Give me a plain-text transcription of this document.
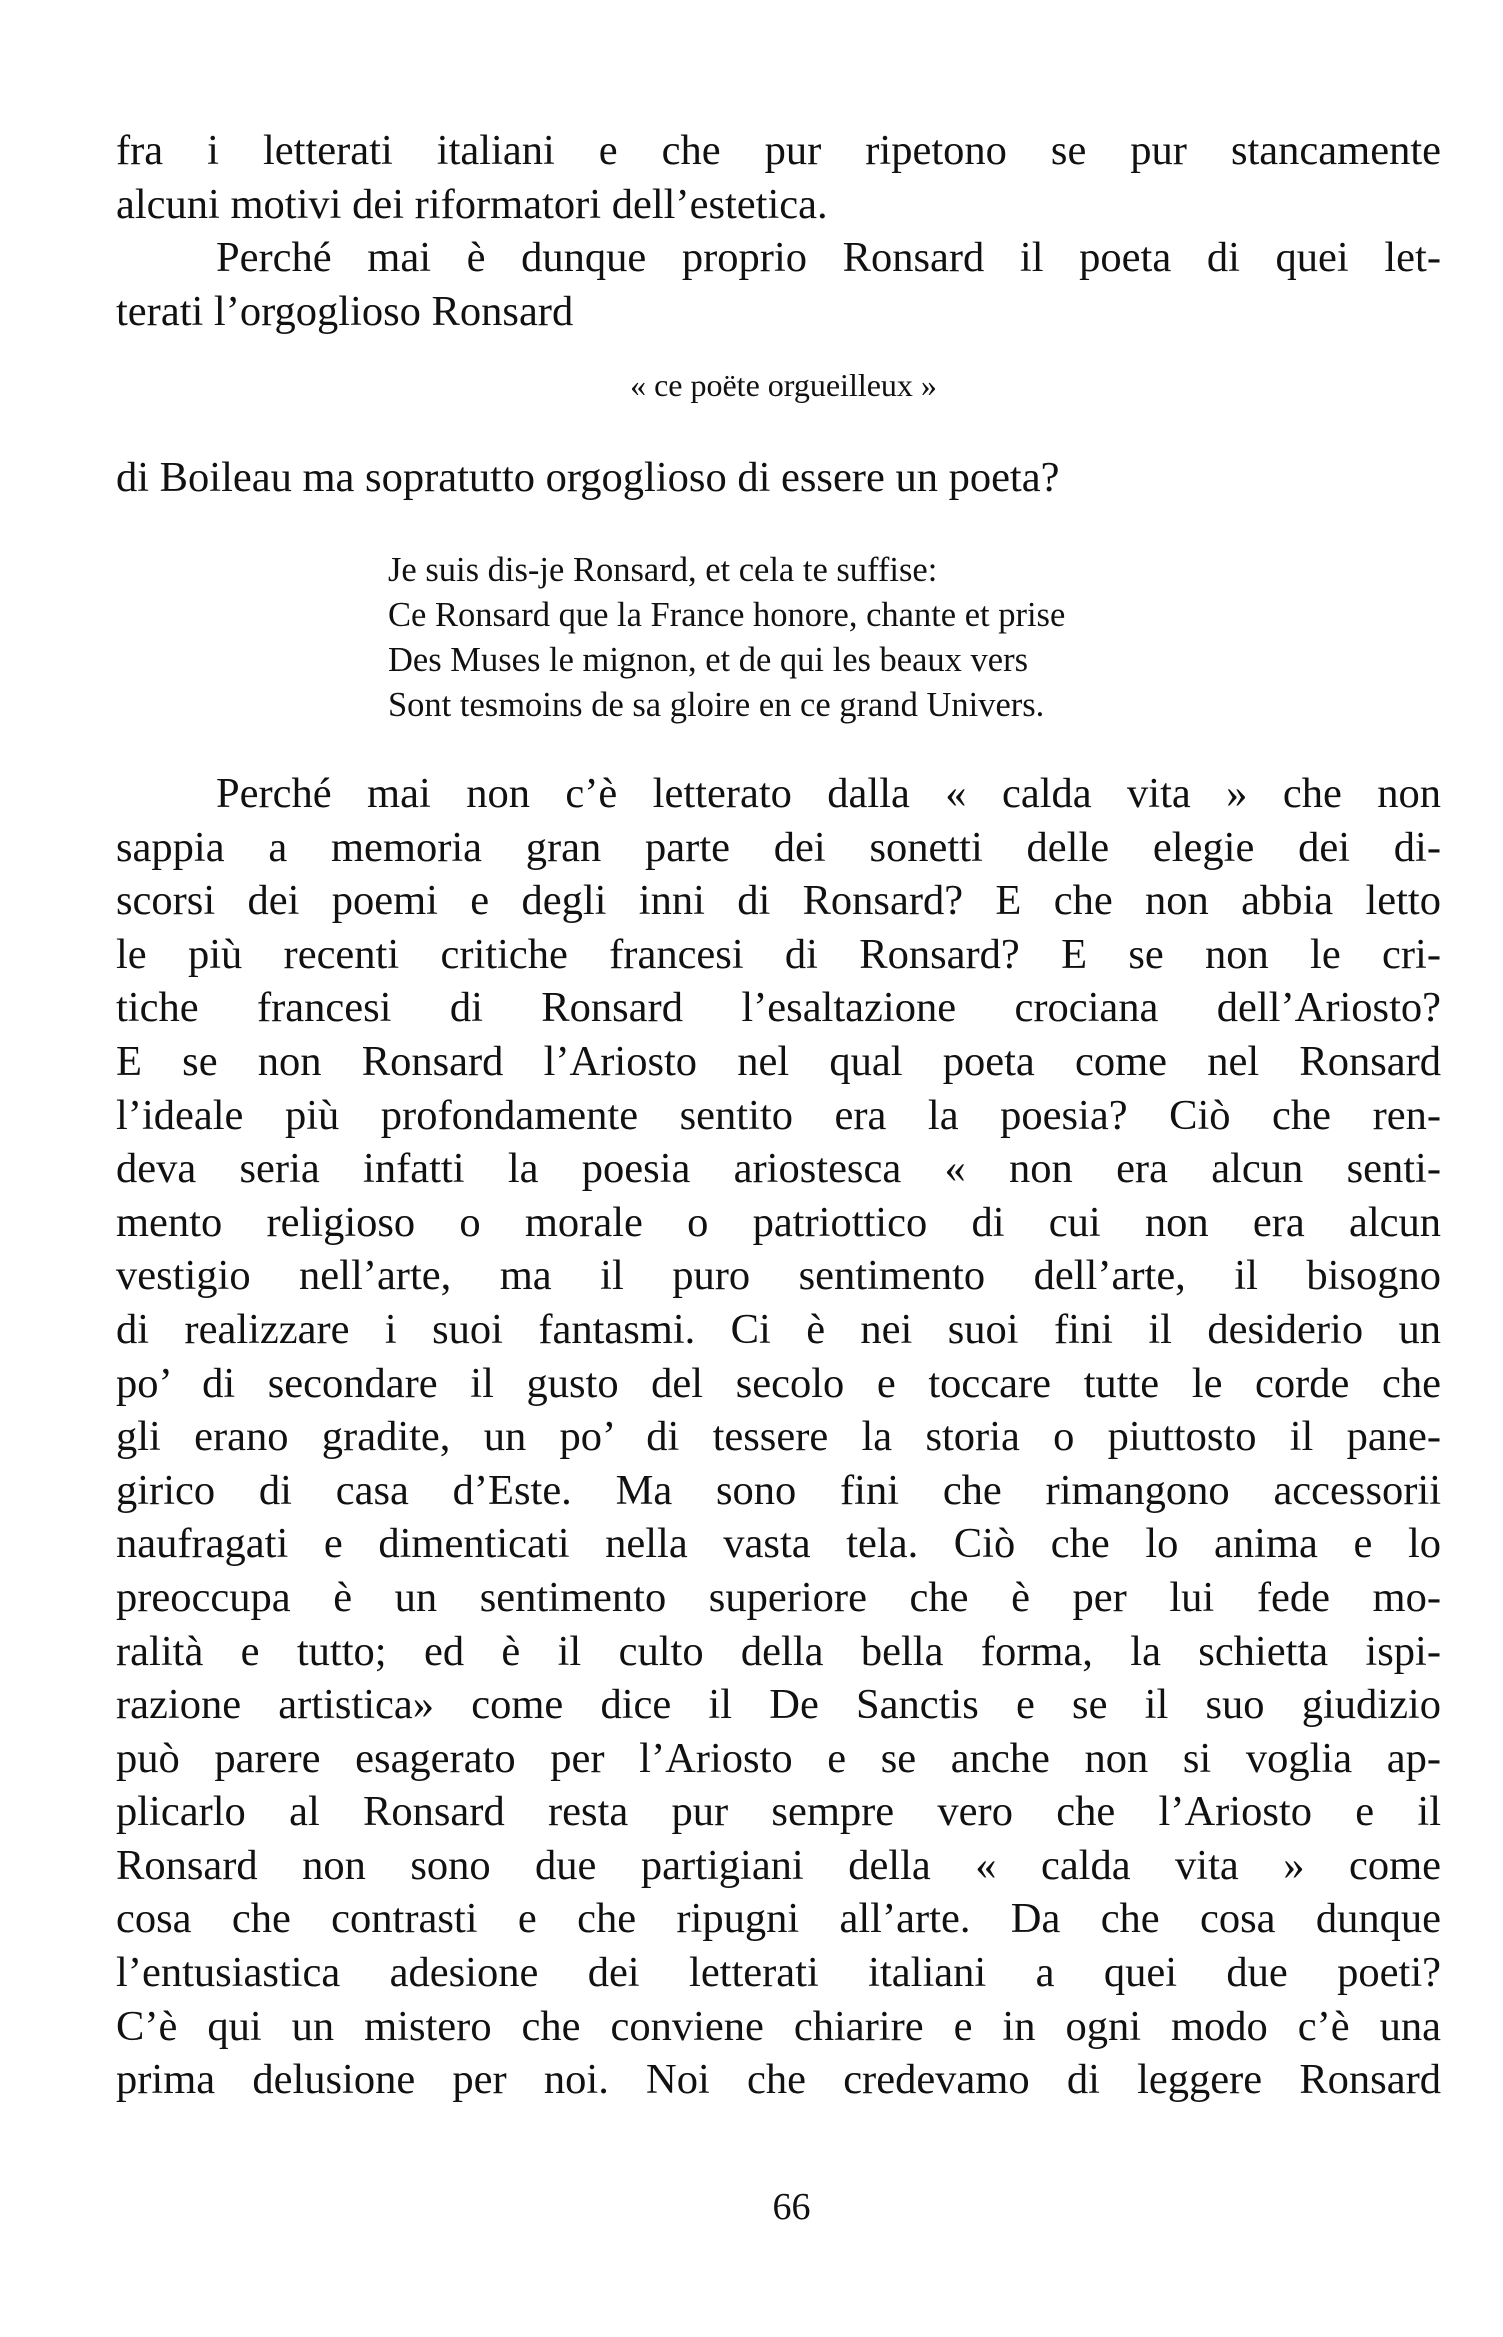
fra i letterati italiani e che pur ripetono se pur stancamente
alcuni motivi dei riformatori dell’estetica.
Perché mai è dunque proprio Ronsard il poeta di quei let-
terati l’orgoglioso Ronsard

« ce poëte orgueilleux »

di Boileau ma sopratutto orgoglioso di essere un poeta?
Je suis dis-je Ronsard, et cela te suffise:
Ce Ronsard que la France honore, chante et prise
Des Muses le mignon, et de qui les beaux vers
Sont tesmoins de sa gloire en ce grand Univers.
Perché mai non c’è letterato dalla « calda vita » che non
sappia a memoria gran parte dei sonetti delle elegie dei di-
scorsi dei poemi e degli inni di Ronsard? E che non abbia letto
le più recenti critiche francesi di Ronsard? E se non le cri-
tiche francesi di Ronsard l’esaltazione crociana dell’Ariosto?
E se non Ronsard l’Ariosto nel qual poeta come nel Ronsard
l’ideale più profondamente sentito era la poesia? Ciò che ren-
deva seria infatti la poesia ariostesca « non era alcun senti-
mento religioso o morale o patriottico di cui non era alcun
vestigio nell’arte, ma il puro sentimento dell’arte, il bisogno
di realizzare i suoi fantasmi. Ci è nei suoi fini il desiderio un
po’ di secondare il gusto del secolo e toccare tutte le corde che
gli erano gradite, un po’ di tessere la storia o piuttosto il pane-
girico di casa d’Este. Ma sono fini che rimangono accessorii
naufragati e dimenticati nella vasta tela. Ciò che lo anima e lo
preoccupa è un sentimento superiore che è per lui fede mo-
ralità e tutto; ed è il culto della bella forma, la schietta ispi-
razione artistica» come dice il De Sanctis e se il suo giudizio
può parere esagerato per l’Ariosto e se anche non si voglia ap-
plicarlo al Ronsard resta pur sempre vero che l’Ariosto e il
Ronsard non sono due partigiani della « calda vita » come
cosa che contrasti e che ripugni all’arte. Da che cosa dunque
l’entusiastica adesione dei letterati italiani a quei due poeti?
C’è qui un mistero che conviene chiarire e in ogni modo c’è una
prima delusione per noi. Noi che credevamo di leggere Ronsard

66
